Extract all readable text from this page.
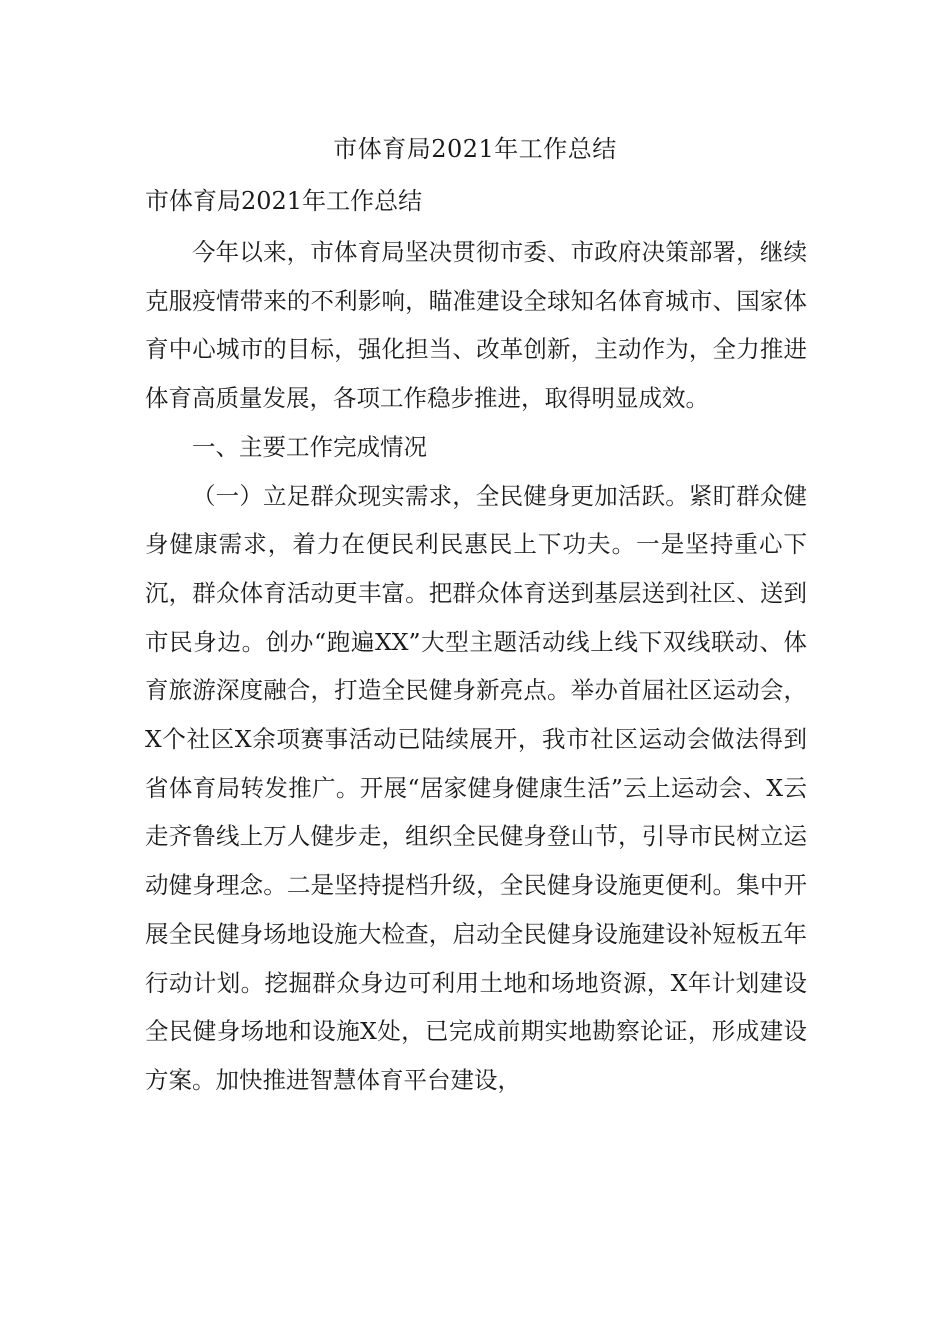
市体育局2021年工作总结
市体育局2021年工作总结

今年以来，市体育局坚决贯彻市委、市政府决策部署，继续克服疫情带来的不利影响，瞄准建设全球知名体育城市、国家体育中心城市的目标，强化担当、改革创新，主动作为，全力推进体育高质量发展，各项工作稳步推进，取得明显成效。

一、主要工作完成情况

（一）立足群众现实需求，全民健身更加活跃。紧盯群众健身健康需求，着力在便民利民惠民上下功夫。一是坚持重心下沉，群众体育活动更丰富。把群众体育送到基层送到社区、送到市民身边。创办“跑遍XX”大型主题活动线上线下双线联动、体育旅游深度融合，打造全民健身新亮点。举办首届社区运动会，X个社区X余项赛事活动已陆续展开，我市社区运动会做法得到省体育局转发推广。开展“居家健身健康生活”云上运动会、X云走齐鲁线上万人健步走，组织全民健身登山节，引导市民树立运动健身理念。二是坚持提档升级，全民健身设施更便利。集中开展全民健身场地设施大检查，启动全民健身设施建设补短板五年行动计划。挖掘群众身边可利用土地和场地资源，X年计划建设全民健身场地和设施X处，已完成前期实地勘察论证，形成建设方案。加快推进智慧体育平台建设，
